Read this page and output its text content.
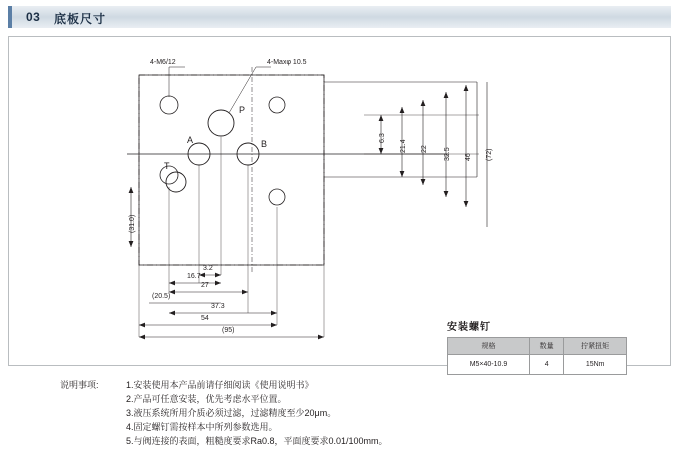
03 底板尺寸
4-M6/12	4-Maxφ 10.5
P
A	B
T
6.3
21.4 22 32.5 46 (72)
(31.0)
3.2
16.7
27
(20.5)
37.3
54
(95)	安装螺钉
规格	数量	拧紧扭矩
M5×40-10.9	4	15Nm
说明事项:	1.安装使用本产品前请仔细阅读《使用说明书》
2.产品可任意安装，优先考虑水平位置。
3.液压系统所用介质必须过滤，过滤精度至少20μm。
4.固定螺钉需按样本中所列参数选用。
5.与阀连接的表面，粗糙度要求Ra0.8，平面度要求0.01/100mm。
